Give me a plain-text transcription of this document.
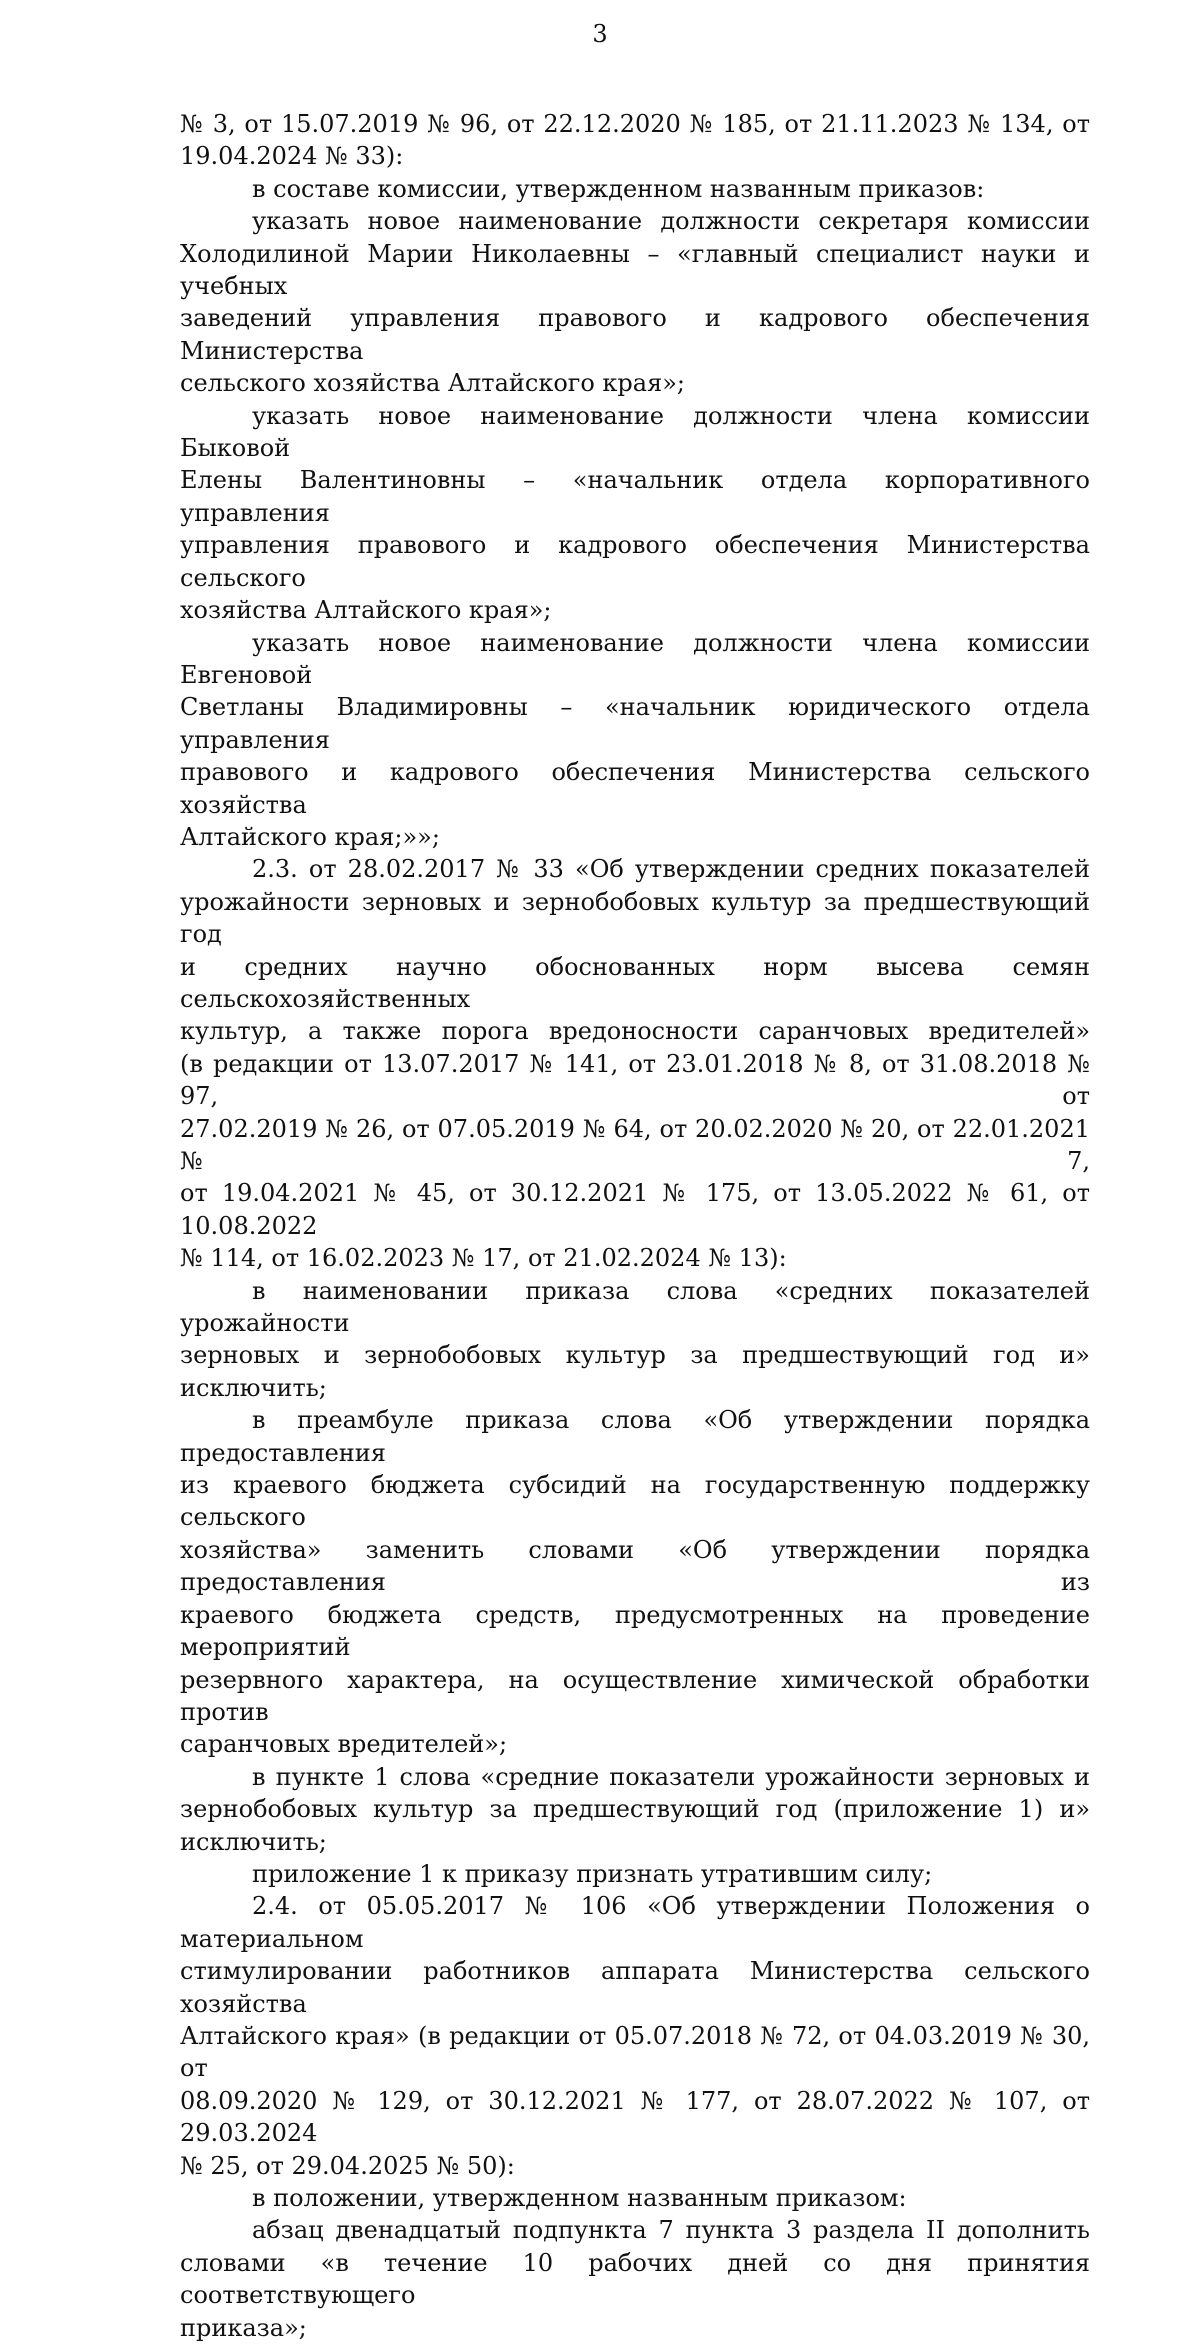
3
№ 3, от 15.07.2019 № 96, от 22.12.2020 № 185, от 21.11.2023 № 134, от
19.04.2024 № 33):
в составе комиссии, утвержденном названным приказов:
указать новое наименование должности секретаря комиссии
Холодилиной Марии Николаевны – «главный специалист науки и учебных
заведений управления правового и кадрового обеспечения Министерства
сельского хозяйства Алтайского края»;
указать новое наименование должности члена комиссии Быковой
Елены Валентиновны – «начальник отдела корпоративного управления
управления правового и кадрового обеспечения Министерства сельского
хозяйства Алтайского края»;
указать новое наименование должности члена комиссии Евгеновой
Светланы Владимировны – «начальник юридического отдела управления
правового и кадрового обеспечения Министерства сельского хозяйства
Алтайского края;»»;
2.3. от 28.02.2017 № 33 «Об утверждении средних показателей
урожайности зерновых и зернобобовых культур за предшествующий год
и средних научно обоснованных норм высева семян сельскохозяйственных
культур, а также порога вредоносности саранчовых вредителей»
(в редакции от 13.07.2017 № 141, от 23.01.2018 № 8, от 31.08.2018 № 97, от
27.02.2019 № 26, от 07.05.2019 № 64, от 20.02.2020 № 20, от 22.01.2021 № 7,
от 19.04.2021 № 45, от 30.12.2021 № 175, от 13.05.2022 № 61, от 10.08.2022
№ 114, от 16.02.2023 № 17, от 21.02.2024 № 13):
в наименовании приказа слова «средних показателей урожайности
зерновых и зернобобовых культур за предшествующий год и» исключить;
в преамбуле приказа слова «Об утверждении порядка предоставления
из краевого бюджета субсидий на государственную поддержку сельского
хозяйства» заменить словами «Об утверждении порядка предоставления из
краевого бюджета средств, предусмотренных на проведение мероприятий
резервного характера, на осуществление химической обработки против
саранчовых вредителей»;
в пункте 1 слова «средние показатели урожайности зерновых и
зернобобовых культур за предшествующий год (приложение 1) и»
исключить;
приложение 1 к приказу признать утратившим силу;
2.4. от 05.05.2017 № 106 «Об утверждении Положения о материальном
стимулировании работников аппарата Министерства сельского хозяйства
Алтайского края» (в редакции от 05.07.2018 № 72, от 04.03.2019 № 30, от
08.09.2020 № 129, от 30.12.2021 № 177, от 28.07.2022 № 107, от 29.03.2024
№ 25, от 29.04.2025 № 50):
в положении, утвержденном названным приказом:
абзац двенадцатый подпункта 7 пункта 3 раздела II дополнить
словами «в течение 10 рабочих дней со дня принятия соответствующего
приказа»;
